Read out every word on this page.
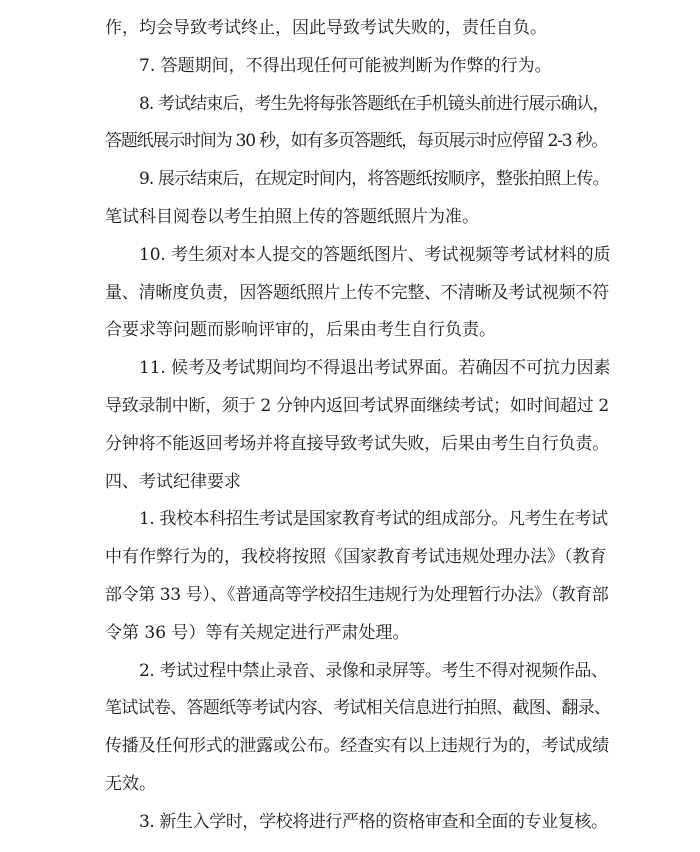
作，均会导致考试终止，因此导致考试失败的，责任自负。

7. 答题期间，不得出现任何可能被判断为作弊的行为。

8. 考试结束后，考生先将每张答题纸在手机镜头前进行展示确认，
答题纸展示时间为 30 秒，如有多页答题纸，每页展示时应停留 2-3 秒。

9. 展示结束后，在规定时间内，将答题纸按顺序，整张拍照上传。
笔试科目阅卷以考生拍照上传的答题纸照片为准。

10. 考生须对本人提交的答题纸图片、考试视频等考试材料的质
量、清晰度负责，因答题纸照片上传不完整、不清晰及考试视频不符
合要求等问题而影响评审的，后果由考生自行负责。

11. 候考及考试期间均不得退出考试界面。若确因不可抗力因素
导致录制中断，须于 2 分钟内返回考试界面继续考试；如时间超过 2
分钟将不能返回考场并将直接导致考试失败，后果由考生自行负责。

四、考试纪律要求

1. 我校本科招生考试是国家教育考试的组成部分。凡考生在考试
中有作弊行为的，我校将按照《国家教育考试违规处理办法》（教育
部令第 33 号）、《普通高等学校招生违规行为处理暂行办法》（教育部
令第 36 号）等有关规定进行严肃处理。

2. 考试过程中禁止录音、录像和录屏等。考生不得对视频作品、
笔试试卷、答题纸等考试内容、考试相关信息进行拍照、截图、翻录、
传播及任何形式的泄露或公布。经查实有以上违规行为的，考试成绩
无效。

3. 新生入学时，学校将进行严格的资格审查和全面的专业复核。
